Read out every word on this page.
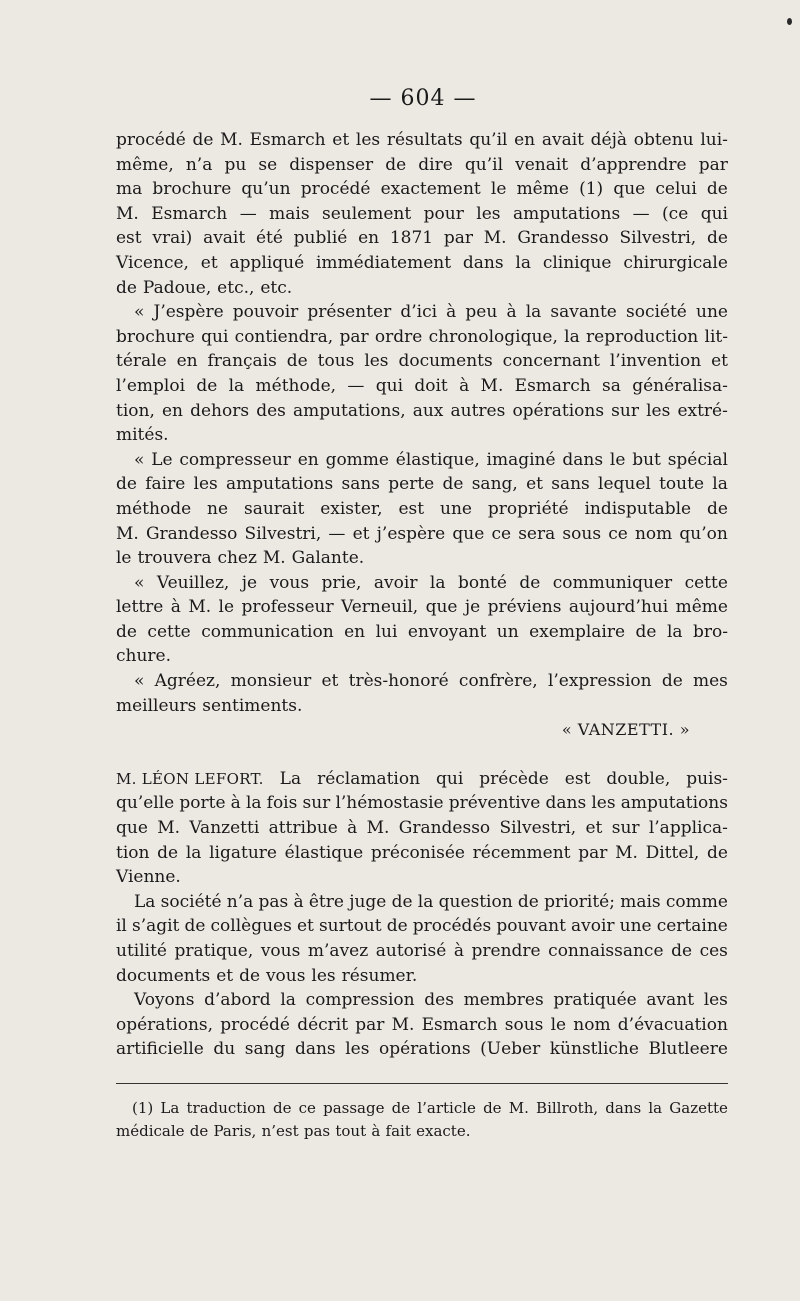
— 604 —
procédé de M. Esmarch et les résultats qu’il en avait déjà obtenu lui-
même, n’a pu se dispenser de dire qu’il venait d’apprendre par
ma brochure qu’un procédé exactement le même (1) que celui de
M. Esmarch — mais seulement pour les amputations — (ce qui
est vrai) avait été publié en 1871 par M. Grandesso Silvestri, de
Vicence, et appliqué immédiatement dans la clinique chirurgicale
de Padoue, etc., etc.
« J’espère pouvoir présenter d’ici à peu à la savante société une
brochure qui contiendra, par ordre chronologique, la reproduction lit-
térale en français de tous les documents concernant l’invention et
l’emploi de la méthode, — qui doit à M. Esmarch sa généralisa-
tion, en dehors des amputations, aux autres opérations sur les extré-
mités.
« Le compresseur en gomme élastique, imaginé dans le but spécial
de faire les amputations sans perte de sang, et sans lequel toute la
méthode ne saurait exister, est une propriété indisputable de
M. Grandesso Silvestri, — et j’espère que ce sera sous ce nom qu’on
le trouvera chez M. Galante.
« Veuillez, je vous prie, avoir la bonté de communiquer cette
lettre à M. le professeur Verneuil, que je préviens aujourd’hui même
de cette communication en lui envoyant un exemplaire de la bro-
chure.
« Agréez, monsieur et très-honoré confrère, l’expression de mes
meilleurs sentiments.
« VANZETTI. »
M. LÉON LEFORT. La réclamation qui précède est double, puis-
qu’elle porte à la fois sur l’hémostasie préventive dans les amputations
que M. Vanzetti attribue à M. Grandesso Silvestri, et sur l’applica-
tion de la ligature élastique préconisée récemment par M. Dittel, de
Vienne.
La société n’a pas à être juge de la question de priorité; mais comme
il s’agit de collègues et surtout de procédés pouvant avoir une certaine
utilité pratique, vous m’avez autorisé à prendre connaissance de ces
documents et de vous les résumer.
Voyons d’abord la compression des membres pratiquée avant les
opérations, procédé décrit par M. Esmarch sous le nom d’évacuation
artificielle du sang dans les opérations (Ueber künstliche Blutleere
(1) La traduction de ce passage de l’article de M. Billroth, dans la Gazette
médicale de Paris, n’est pas tout à fait exacte.
